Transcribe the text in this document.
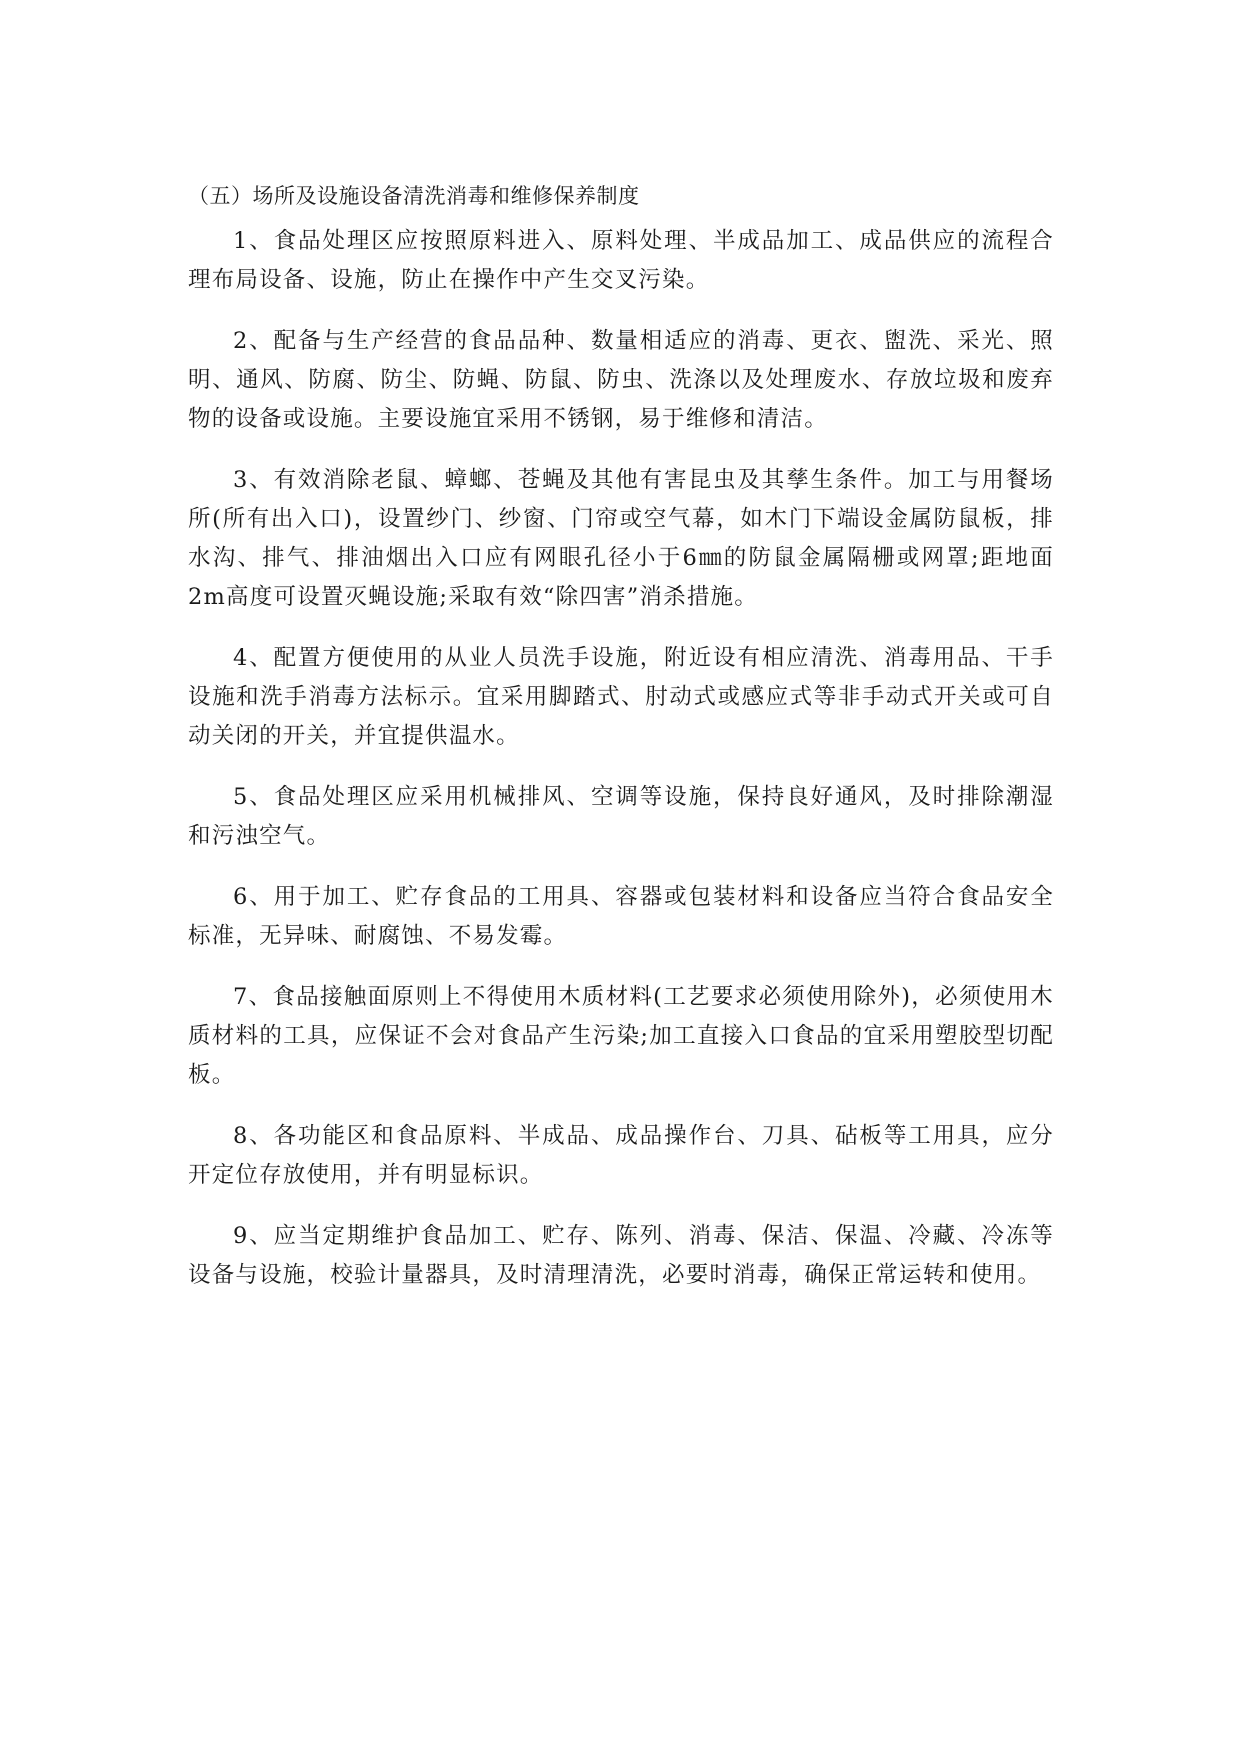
（五）场所及设施设备清洗消毒和维修保养制度

1、食品处理区应按照原料进入、原料处理、半成品加工、成品供应的流程合理布局设备、设施，防止在操作中产生交叉污染。

2、配备与生产经营的食品品种、数量相适应的消毒、更衣、盥洗、采光、照明、通风、防腐、防尘、防蝇、防鼠、防虫、洗涤以及处理废水、存放垃圾和废弃物的设备或设施。主要设施宜采用不锈钢，易于维修和清洁。

3、有效消除老鼠、蟑螂、苍蝇及其他有害昆虫及其孳生条件。加工与用餐场所(所有出入口)，设置纱门、纱窗、门帘或空气幕，如木门下端设金属防鼠板，排水沟、排气、排油烟出入口应有网眼孔径小于6㎜的防鼠金属隔栅或网罩;距地面2m高度可设置灭蝇设施;采取有效“除四害”消杀措施。

4、配置方便使用的从业人员洗手设施，附近设有相应清洗、消毒用品、干手设施和洗手消毒方法标示。宜采用脚踏式、肘动式或感应式等非手动式开关或可自动关闭的开关，并宜提供温水。

5、食品处理区应采用机械排风、空调等设施，保持良好通风，及时排除潮湿和污浊空气。

6、用于加工、贮存食品的工用具、容器或包装材料和设备应当符合食品安全标准，无异味、耐腐蚀、不易发霉。

7、食品接触面原则上不得使用木质材料(工艺要求必须使用除外)，必须使用木质材料的工具，应保证不会对食品产生污染;加工直接入口食品的宜采用塑胶型切配板。

8、各功能区和食品原料、半成品、成品操作台、刀具、砧板等工用具，应分开定位存放使用，并有明显标识。

9、应当定期维护食品加工、贮存、陈列、消毒、保洁、保温、冷藏、冷冻等设备与设施，校验计量器具，及时清理清洗，必要时消毒，确保正常运转和使用。
